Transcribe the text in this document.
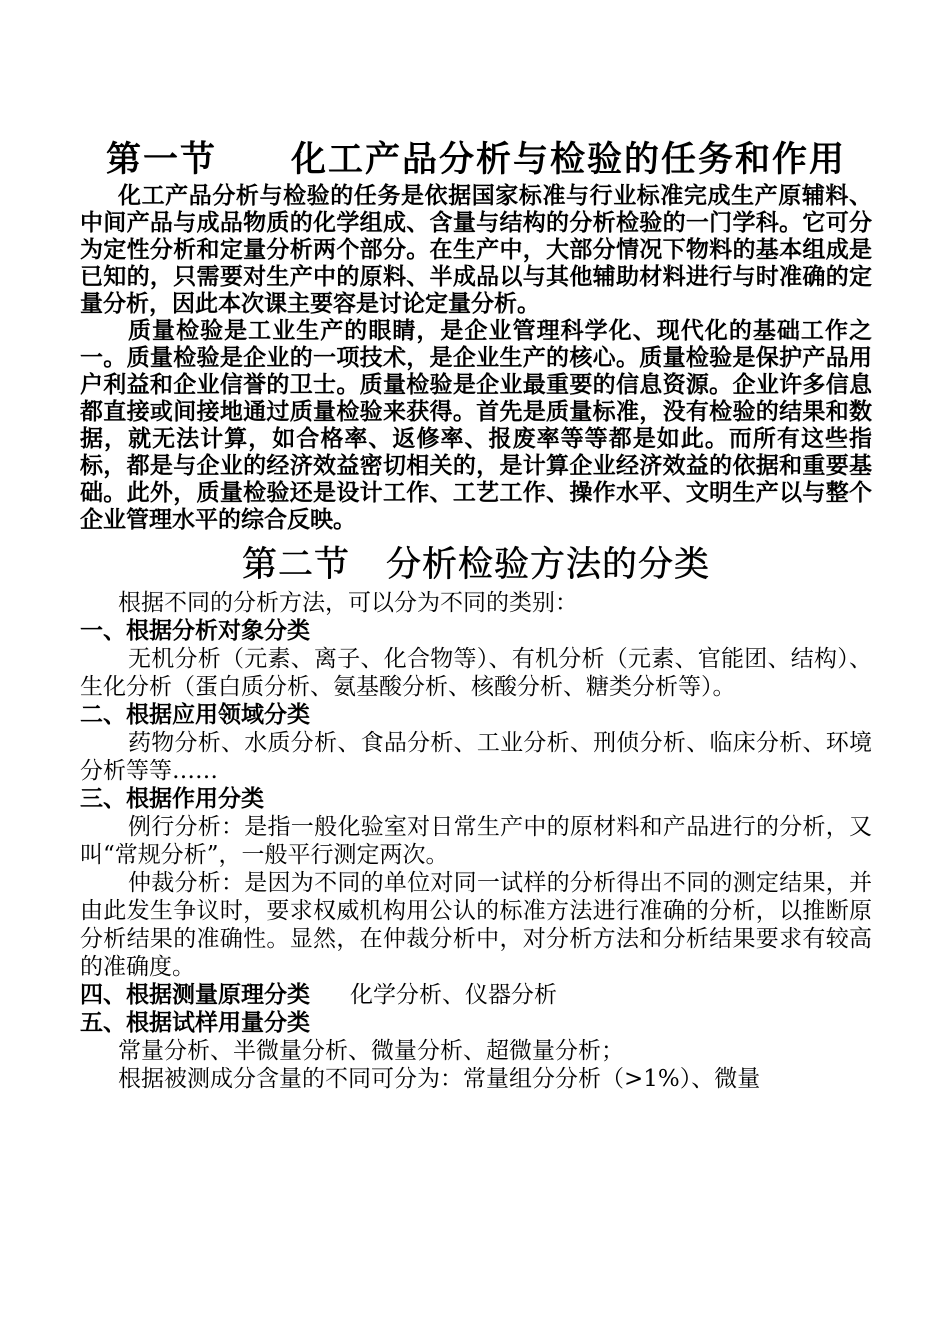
第一节　　化工产品分析与检验的任务和作用

化工产品分析与检验的任务是依据国家标准与行业标准完成生产原辅料、中间产品与成品物质的化学组成、含量与结构的分析检验的一门学科。它可分为定性分析和定量分析两个部分。在生产中，大部分情况下物料的基本组成是已知的，只需要对生产中的原料、半成品以与其他辅助材料进行与时准确的定量分析，因此本次课主要容是讨论定量分析。

质量检验是工业生产的眼睛，是企业管理科学化、现代化的基础工作之一。质量检验是企业的一项技术，是企业生产的核心。质量检验是保护产品用户利益和企业信誉的卫士。质量检验是企业最重要的信息资源。企业许多信息都直接或间接地通过质量检验来获得。首先是质量标准，没有检验的结果和数据，就无法计算，如合格率、返修率、报废率等等都是如此。而所有这些指标，都是与企业的经济效益密切相关的，是计算企业经济效益的依据和重要基础。此外，质量检验还是设计工作、工艺工作、操作水平、文明生产以与整个企业管理水平的综合反映。

第二节　分析检验方法的分类

根据不同的分析方法，可以分为不同的类别：

一、根据分析对象分类

无机分析（元素、离子、化合物等）、有机分析（元素、官能团、结构）、生化分析（蛋白质分析、氨基酸分析、核酸分析、糖类分析等）。

二、根据应用领域分类

药物分析、水质分析、食品分析、工业分析、刑侦分析、临床分析、环境分析等等……

三、根据作用分类

例行分析：是指一般化验室对日常生产中的原材料和产品进行的分析，又叫“常规分析”，一般平行测定两次。

仲裁分析：是因为不同的单位对同一试样的分析得出不同的测定结果，并由此发生争议时，要求权威机构用公认的标准方法进行准确的分析，以推断原分析结果的准确性。显然，在仲裁分析中，对分析方法和分析结果要求有较高的准确度。

四、根据测量原理分类 化学分析、仪器分析

五、根据试样用量分类

常量分析、半微量分析、微量分析、超微量分析；

根据被测成分含量的不同可分为：常量组分分析（>1%）、微量
